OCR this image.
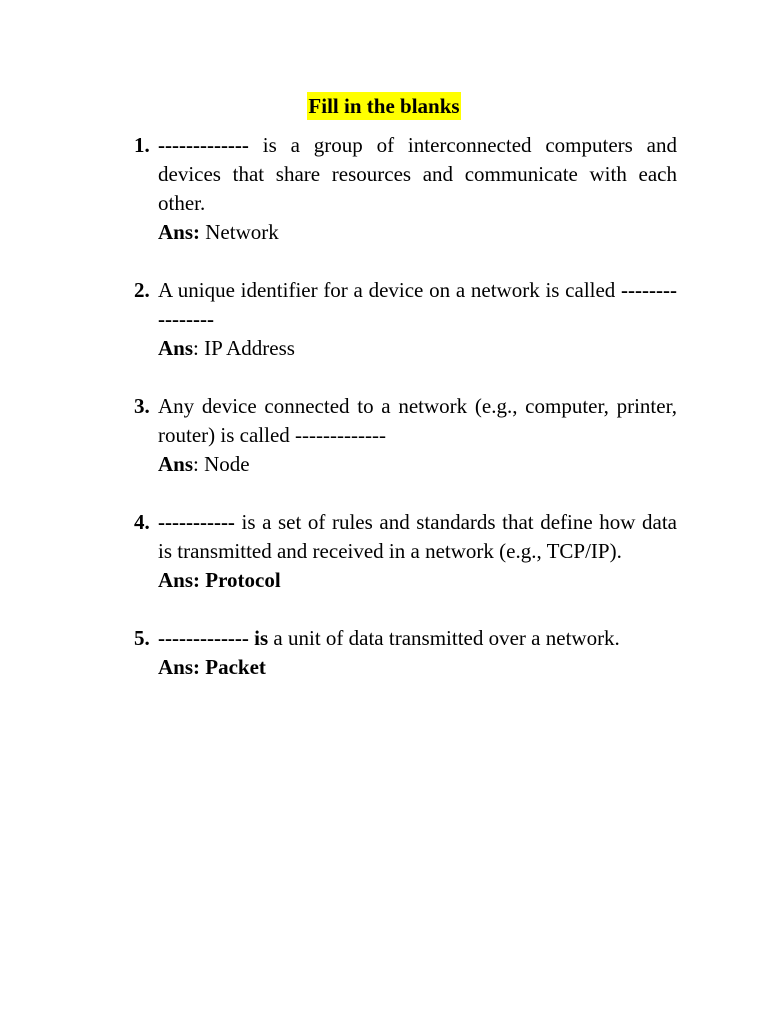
Fill in the blanks
1. ------------- is a group of interconnected computers and devices that share resources and communicate with each other.
Ans: Network
2. A unique identifier for a device on a network is called ----------------
Ans: IP Address
3. Any device connected to a network (e.g., computer, printer, router) is called -------------
Ans: Node
4. ----------- is a set of rules and standards that define how data is transmitted and received in a network (e.g., TCP/IP).
Ans: Protocol
5. ------------- is a unit of data transmitted over a network.
Ans: Packet
